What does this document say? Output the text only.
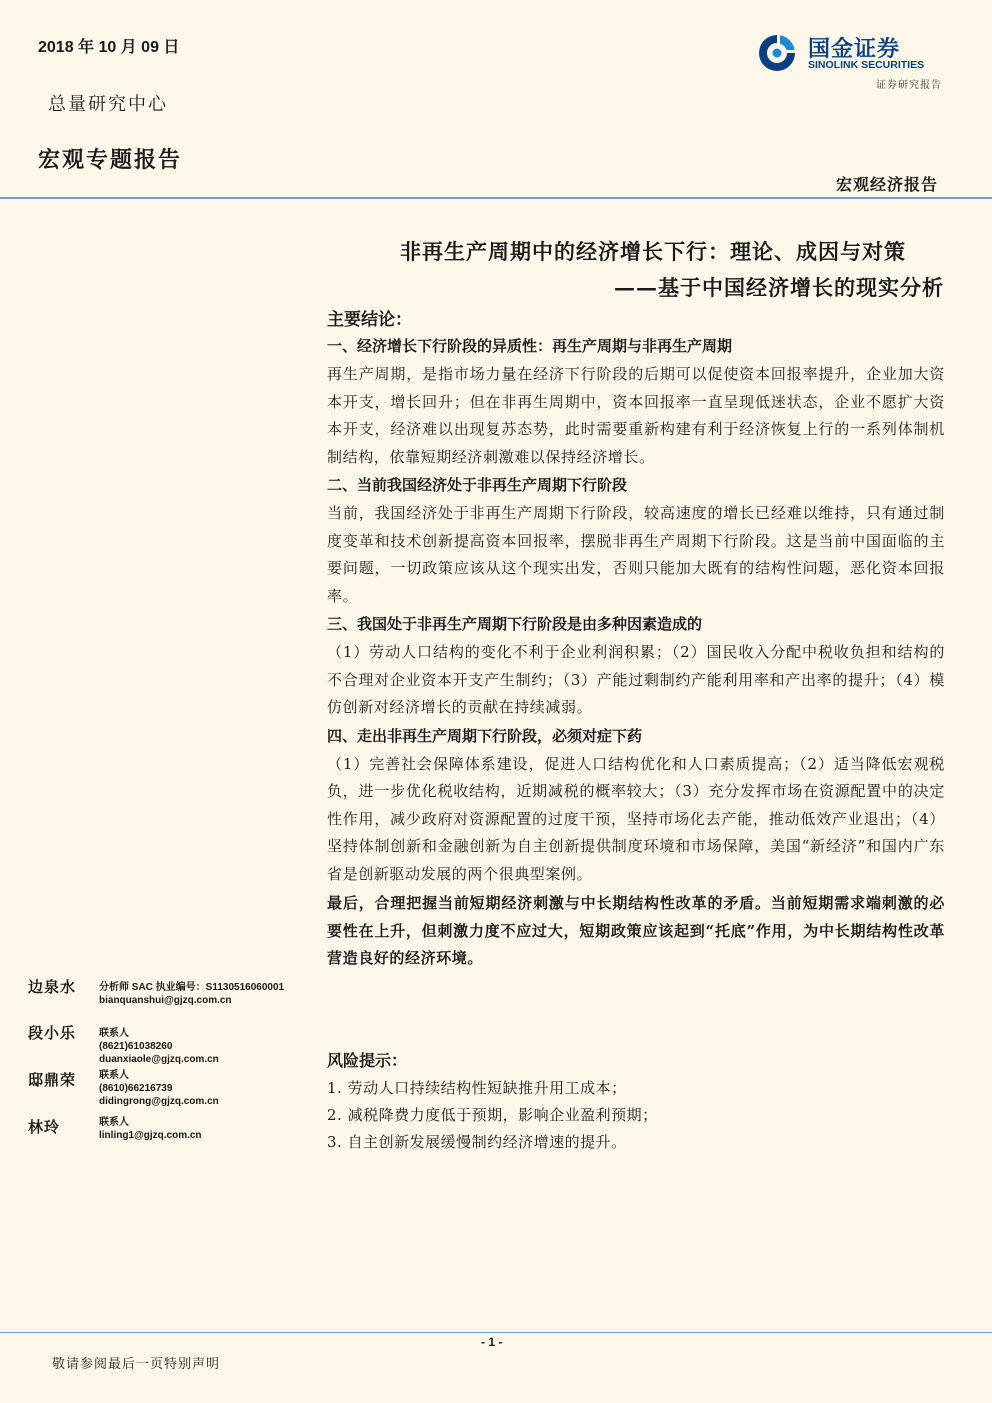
2018 年 10 月 09 日
总量研究中心
宏观专题报告
国金证券
SINOLINK SECURITIES
证券研究报告
宏观经济报告
非再生产周期中的经济增长下行：理论、成因与对策
——基于中国经济增长的现实分析
主要结论：
一、经济增长下行阶段的异质性：再生产周期与非再生产周期
再生产周期，是指市场力量在经济下行阶段的后期可以促使资本回报率提升，企业加大资本开支，增长回升；但在非再生周期中，资本回报率一直呈现低迷状态，企业不愿扩大资本开支，经济难以出现复苏态势，此时需要重新构建有利于经济恢复上行的一系列体制机制结构，依靠短期经济刺激难以保持经济增长。
二、当前我国经济处于非再生产周期下行阶段
当前，我国经济处于非再生产周期下行阶段，较高速度的增长已经难以维持，只有通过制度变革和技术创新提高资本回报率，摆脱非再生产周期下行阶段。这是当前中国面临的主要问题，一切政策应该从这个现实出发，否则只能加大既有的结构性问题，恶化资本回报率。
三、我国处于非再生产周期下行阶段是由多种因素造成的
（1）劳动人口结构的变化不利于企业利润积累；（2）国民收入分配中税收负担和结构的不合理对企业资本开支产生制约；（3）产能过剩制约产能利用率和产出率的提升；（4）模仿创新对经济增长的贡献在持续减弱。
四、走出非再生产周期下行阶段，必须对症下药
（1）完善社会保障体系建设，促进人口结构优化和人口素质提高；（2）适当降低宏观税负，进一步优化税收结构，近期减税的概率较大；（3）充分发挥市场在资源配置中的决定性作用，减少政府对资源配置的过度干预，坚持市场化去产能，推动低效产业退出；（4）坚持体制创新和金融创新为自主创新提供制度环境和市场保障，美国“新经济”和国内广东省是创新驱动发展的两个很典型案例。
最后，合理把握当前短期经济刺激与中长期结构性改革的矛盾。当前短期需求端刺激的必要性在上升，但刺激力度不应过大，短期政策应该起到“托底”作用，为中长期结构性改革营造良好的经济环境。
边泉水 分析师 SAC 执业编号：S1130516060001
bianquanshui@gjzq.com.cn
段小乐 联系人
(8621)61038260
duanxiaole@gjzq.com.cn
邸鼎荣 联系人
(8610)66216739
didingrong@gjzq.com.cn
林玲	联系人
linling1@gjzq.com.cn
风险提示：
1. 劳动人口持续结构性短缺推升用工成本；
2. 减税降费力度低于预期，影响企业盈利预期；
3. 自主创新发展缓慢制约经济增速的提升。
- 1 -
敬请参阅最后一页特别声明
